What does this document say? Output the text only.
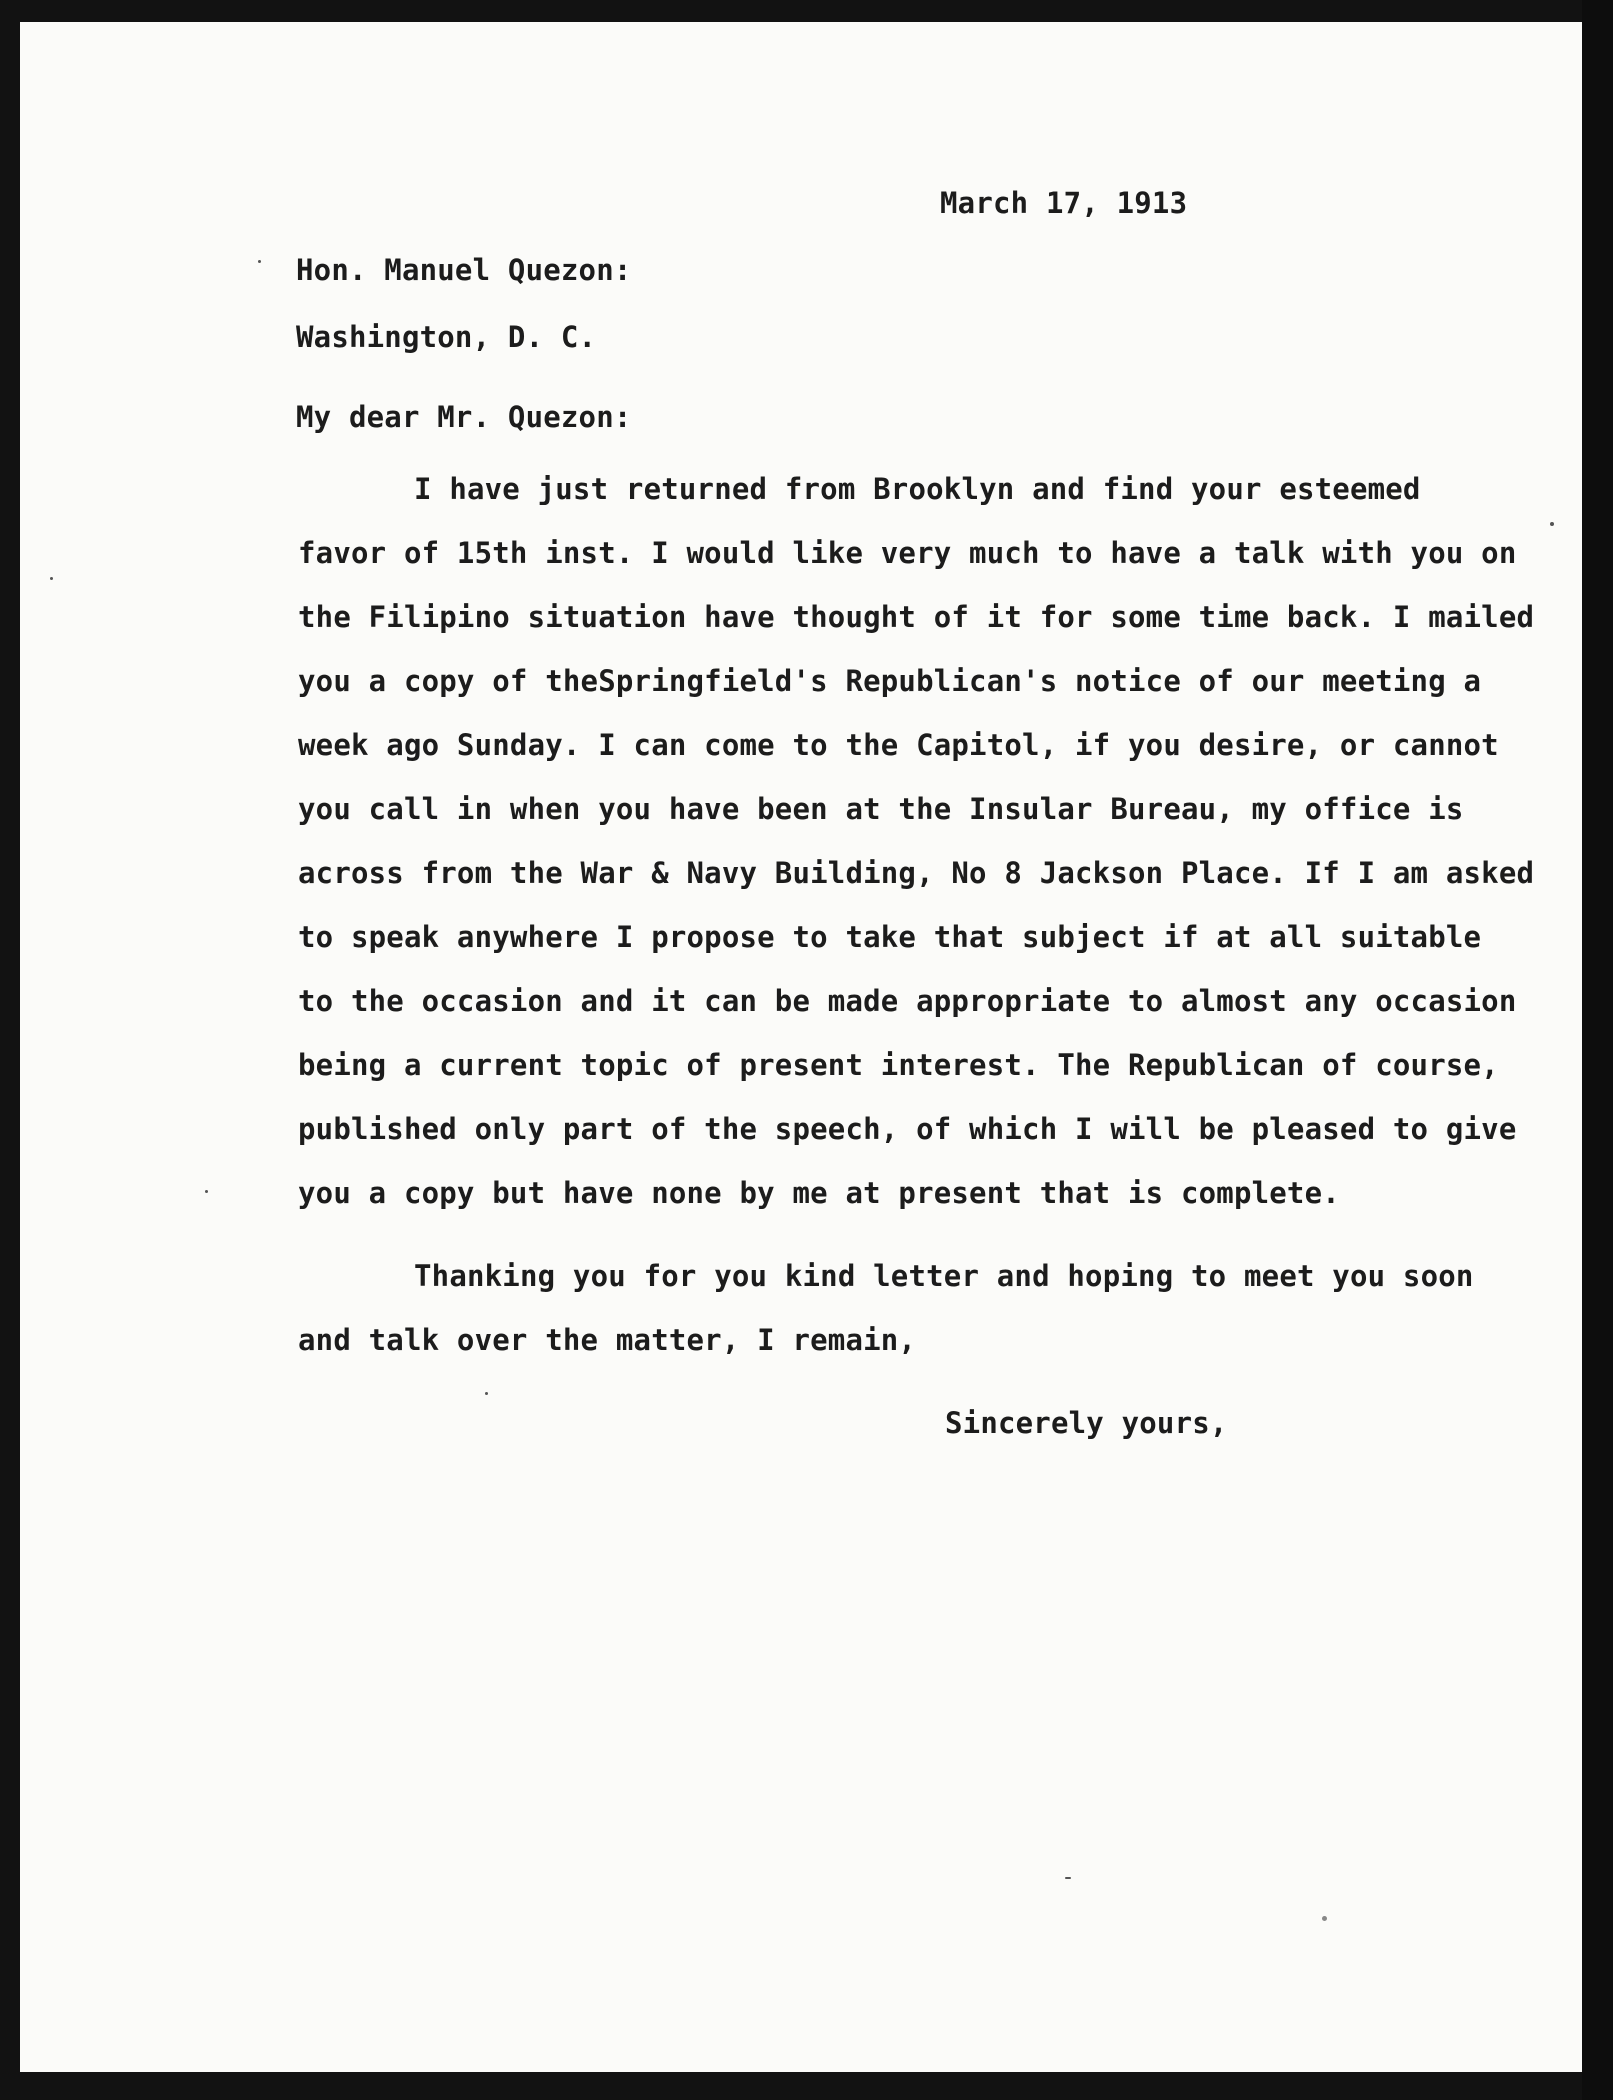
March 17, 1913
Hon. Manuel Quezon:
Washington, D. C.
My dear Mr. Quezon:
I have just returned from Brooklyn and find your esteemed
favor of 15th inst. I would like very much to have a talk with you on
the Filipino situation have thought of it for some time back. I mailed
you a copy of theSpringfield's Republican's notice of our meeting a
week ago Sunday. I can come to the Capitol, if you desire, or cannot
you call in when you have been at the Insular Bureau, my office is
across from the War & Navy Building, No 8 Jackson Place. If I am asked
to speak anywhere I propose to take that subject if at all suitable
to the occasion and it can be made appropriate to almost any occasion
being a current topic of present interest. The Republican of course,
published only part of the speech, of which I will be pleased to give
you a copy but have none by me at present that is complete.
Thanking you for you kind letter and hoping to meet you soon
and talk over the matter, I remain,
Sincerely yours,
